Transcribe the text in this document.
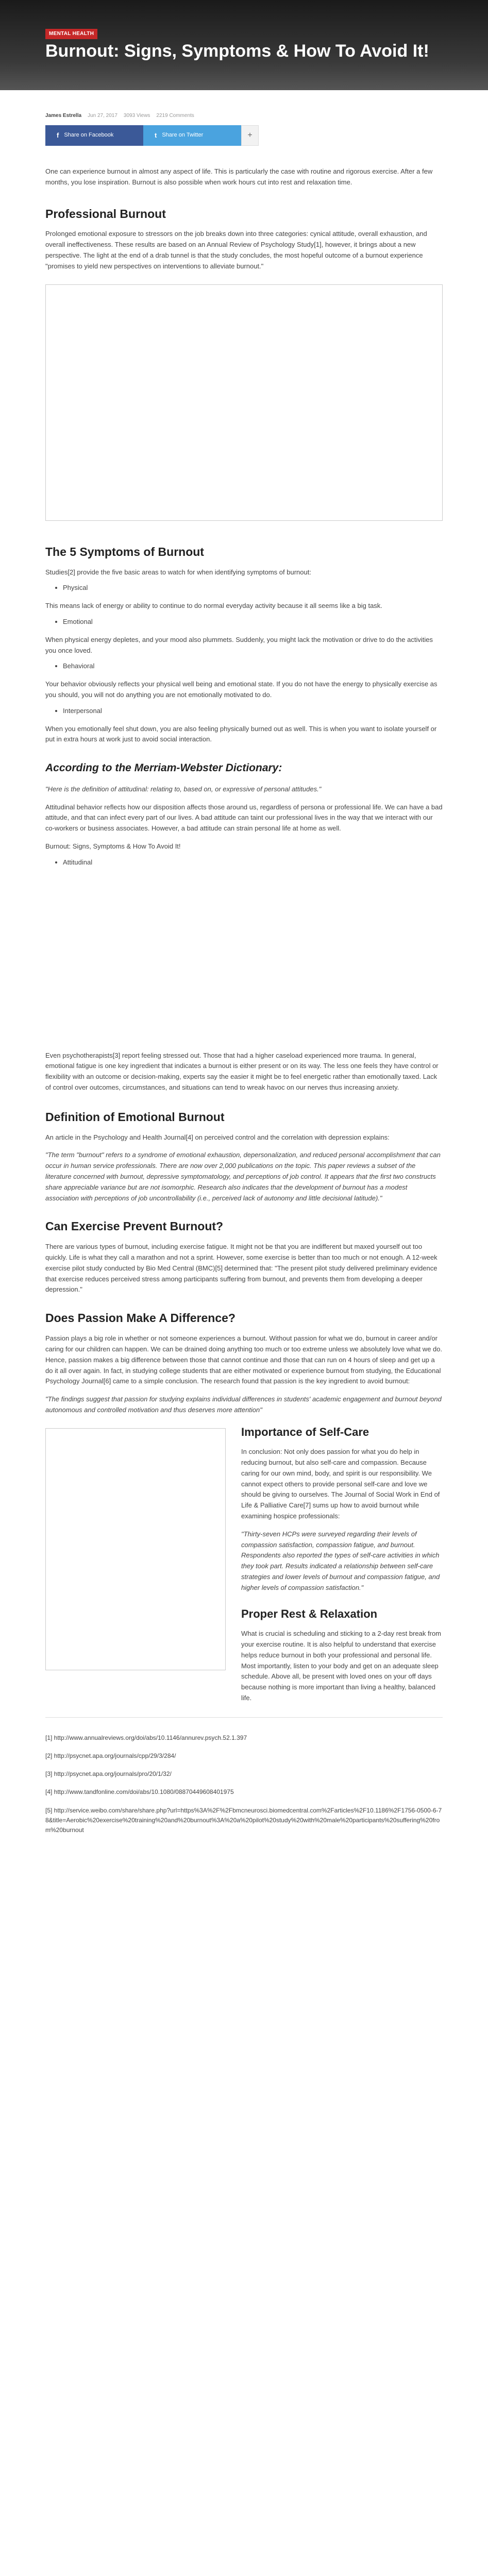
MENTAL HEALTH
Burnout: Signs, Symptoms & How To Avoid It!
James Estrella Jun 27, 2017 3093 Views 2219 Comments
f Share on Facebook	t Share on Twitter	+

One can experience burnout in almost any aspect of life. This is particularly the case with routine and rigorous exercise. After a few months, you lose inspiration. Burnout is also possible when work hours cut into rest and relaxation time.

Professional Burnout

Prolonged emotional exposure to stressors on the job breaks down into three categories: cynical attitude, overall exhaustion, and overall ineffectiveness. These results are based on an Annual Review of Psychology Study[1], however, it brings about a new perspective. The light at the end of a drab tunnel is that the study concludes, the most hopeful outcome of a burnout experience "promises to yield new perspectives on interventions to alleviate burnout."

The 5 Symptoms of Burnout

Studies[2] provide the five basic areas to watch for when identifying symptoms of burnout:

• Physical

This means lack of energy or ability to continue to do normal everyday activity because it all seems like a big task.

• Emotional

When physical energy depletes, and your mood also plummets. Suddenly, you might lack the motivation or drive to do the activities you once loved.

• Behavioral

Your behavior obviously reflects your physical well being and emotional state. If you do not have the energy to physically exercise as you should, you will not do anything you are not emotionally motivated to do.

• Interpersonal

When you emotionally feel shut down, you are also feeling physically burned out as well. This is when you want to isolate yourself or put in extra hours at work just to avoid social interaction.

According to the Merriam-Webster Dictionary:
"Here is the definition of attitudinal: relating to, based on, or expressive of personal attitudes."

Attitudinal behavior reflects how our disposition affects those around us, regardless of persona or professional life. We can have a bad attitude, and that can infect every part of our lives. A bad attitude can taint our professional lives in the way that we interact with our co-workers or business associates. However, a bad attitude can strain personal life at home as well.

Burnout: Signs, Symptoms & How To Avoid It!

• Attitudinal

Even psychotherapists[3] report feeling stressed out. Those that had a higher caseload experienced more trauma. In general, emotional fatigue is one key ingredient that indicates a burnout is either present or on its way. The less one feels they have control or flexibility with an outcome or decision-making, experts say the easier it might be to feel energetic rather than emotionally taxed. Lack of control over outcomes, circumstances, and situations can tend to wreak havoc on our nerves thus increasing anxiety.

Definition of Emotional Burnout

An article in the Psychology and Health Journal[4] on perceived control and the correlation with depression explains:

"The term "burnout" refers to a syndrome of emotional exhaustion, depersonalization, and reduced personal accomplishment that can occur in human service professionals. There are now over 2,000 publications on the topic. This paper reviews a subset of the literature concerned with burnout, depressive symptomatology, and perceptions of job control. It appears that the first two constructs share appreciable variance but are not isomorphic. Research also indicates that the development of burnout has a modest association with perceptions of job uncontrollability (i.e., perceived lack of autonomy and little decisional latitude)."
Can Exercise Prevent Burnout?

There are various types of burnout, including exercise fatigue. It might not be that you are indifferent but maxed yourself out too quickly. Life is what they call a marathon and not a sprint. However, some exercise is better than too much or not enough. A 12-week exercise pilot study conducted by Bio Med Central (BMC)[5] determined that: "The present pilot study delivered preliminary evidence that exercise reduces perceived stress among participants suffering from burnout, and prevents them from developing a deeper depression."

Does Passion Make A Difference?

Passion plays a big role in whether or not someone experiences a burnout. Without passion for what we do, burnout in career and/or caring for our children can happen. We can be drained doing anything too much or too extreme unless we absolutely love what we do. Hence, passion makes a big difference between those that cannot continue and those that can run on 4 hours of sleep and get up a do it all over again. In fact, in studying college students that are either motivated or experience burnout from studying, the Educational Psychology Journal[6] came to a simple conclusion. The research found that passion is the key ingredient to avoid burnout:

"The findings suggest that passion for studying explains individual differences in students' academic engagement and burnout beyond autonomous and controlled motivation and thus deserves more attention"
Importance of Self-Care

In conclusion: Not only does passion for what you do help in reducing burnout, but also self-care and compassion. Because caring for our own mind, body, and spirit is our responsibility. We cannot expect others to provide personal self-care and love we should be giving to ourselves. The Journal of Social Work in End of Life & Palliative Care[7] sums up how to avoid burnout while examining hospice professionals:

"Thirty-seven HCPs were surveyed regarding their levels of compassion satisfaction, compassion fatigue, and burnout. Respondents also reported the types of self-care activities in which they took part. Results indicated a relationship between self-care strategies and lower levels of burnout and compassion fatigue, and higher levels of compassion satisfaction."
Proper Rest & Relaxation

What is crucial is scheduling and sticking to a 2-day rest break from your exercise routine. It is also helpful to understand that exercise helps reduce burnout in both your professional and personal life. Most importantly, listen to your body and get on an adequate sleep schedule. Above all, be present with loved ones on your off days because nothing is more important than living a healthy, balanced life.

[1] http://www.annualreviews.org/doi/abs/10.1146/annurev.psych.52.1.397

[2] http://psycnet.apa.org/journals/cpp/29/3/284/

[3] http://psycnet.apa.org/journals/pro/20/1/32/

[4] http://www.tandfonline.com/doi/abs/10.1080/08870449608401975

[5] http://service.weibo.com/share/share.php?url=https%3A%2F%2Fbmcneurosci.biomedcentral.com%2Farticles%2F10.1186%2F1756-0500-6-78&title=Aerobic%20exercise%20training%20and%20burnout%3A%20a%20pilot%20study%20with%20male%20participants%20suffering%20from%20burnout
